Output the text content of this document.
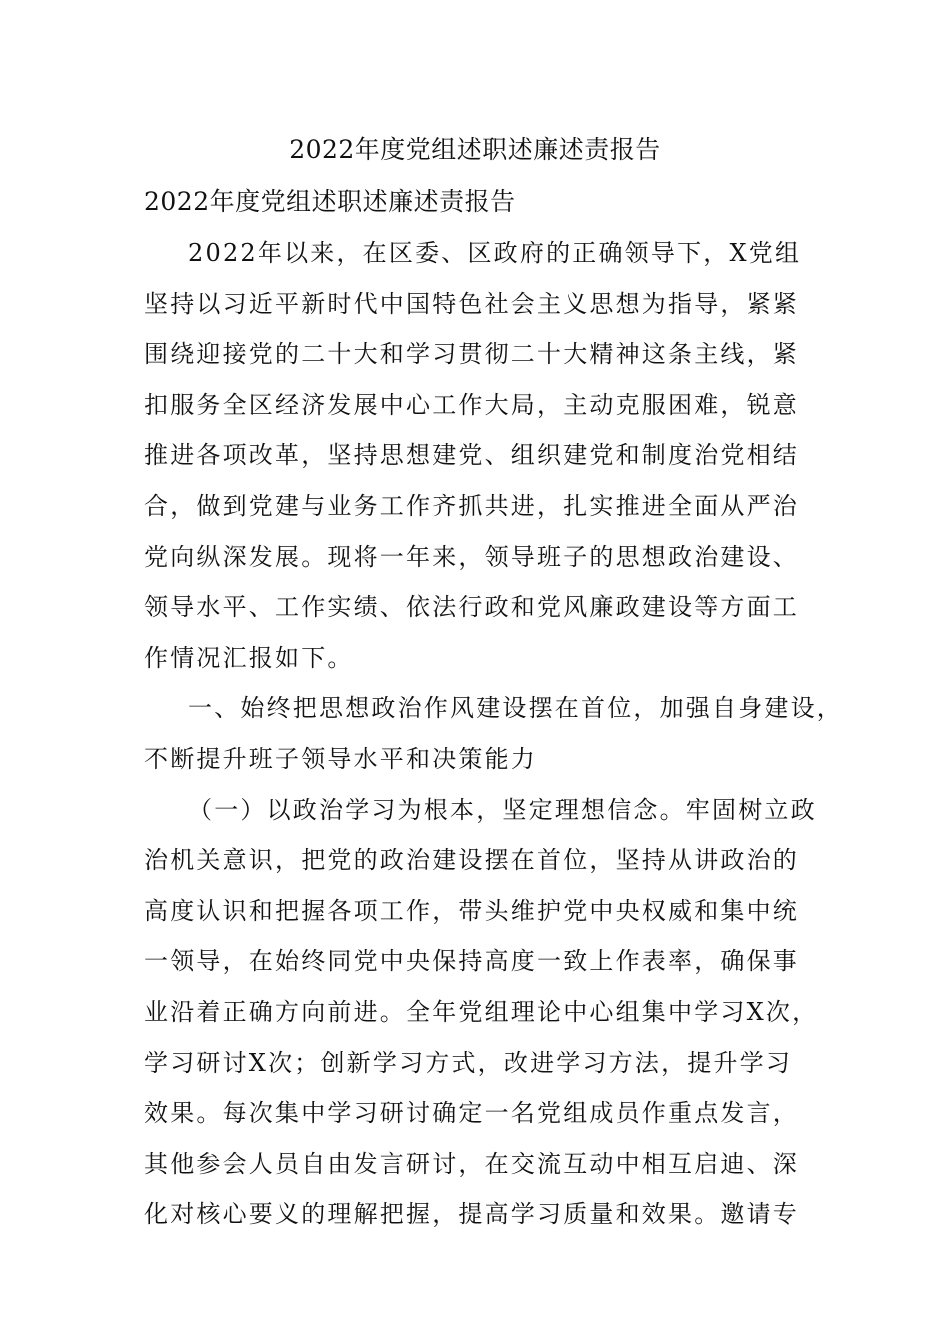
2022年度党组述职述廉述责报告
2022年度党组述职述廉述责报告
2022年以来，在区委、区政府的正确领导下，X党组
坚持以习近平新时代中国特色社会主义思想为指导，紧紧
围绕迎接党的二十大和学习贯彻二十大精神这条主线，紧
扣服务全区经济发展中心工作大局，主动克服困难，锐意
推进各项改革，坚持思想建党、组织建党和制度治党相结
合，做到党建与业务工作齐抓共进，扎实推进全面从严治
党向纵深发展。现将一年来，领导班子的思想政治建设、
领导水平、工作实绩、依法行政和党风廉政建设等方面工
作情况汇报如下。
一、始终把思想政治作风建设摆在首位，加强自身建设，
不断提升班子领导水平和决策能力
（一）以政治学习为根本，坚定理想信念。牢固树立政
治机关意识，把党的政治建设摆在首位，坚持从讲政治的
高度认识和把握各项工作，带头维护党中央权威和集中统
一领导，在始终同党中央保持高度一致上作表率，确保事
业沿着正确方向前进。全年党组理论中心组集中学习X次，
学习研讨X次；创新学习方式，改进学习方法，提升学习
效果。每次集中学习研讨确定一名党组成员作重点发言，
其他参会人员自由发言研讨，在交流互动中相互启迪、深
化对核心要义的理解把握，提高学习质量和效果。邀请专
